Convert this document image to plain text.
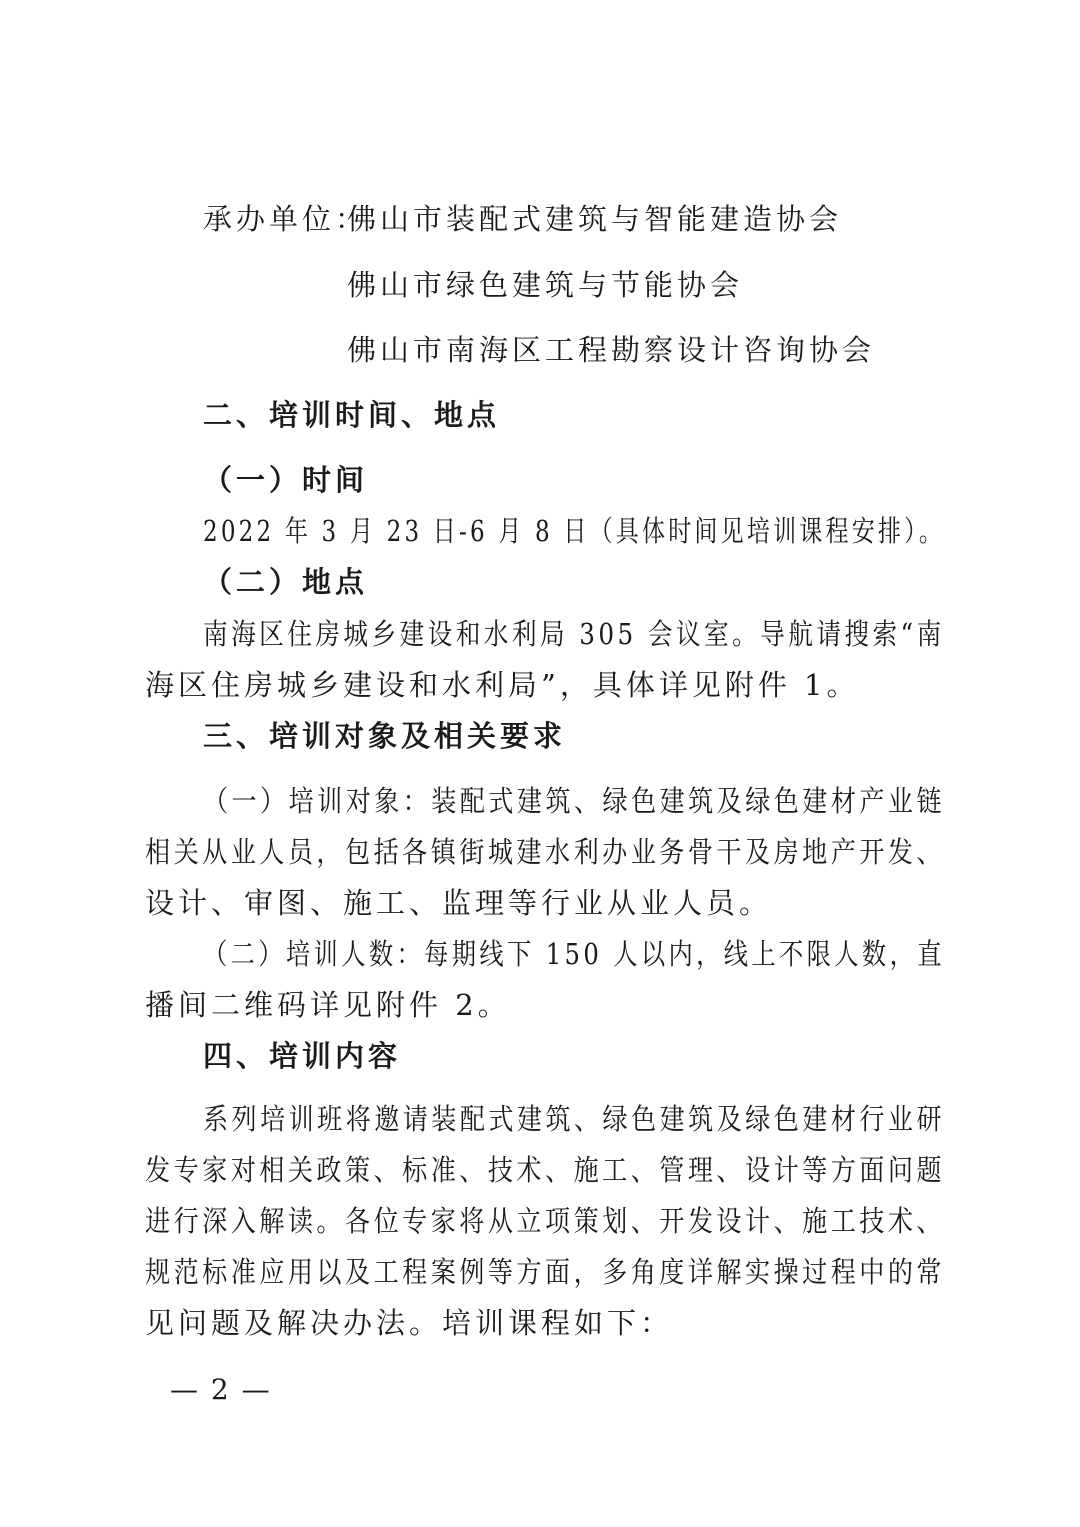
承办单位：
佛山市装配式建筑与智能建造协会
佛山市绿色建筑与节能协会
佛山市南海区工程勘察设计咨询协会
二、培训时间、地点
（一）时间
2022 年 3 月 23 日-6 月 8 日（具体时间见培训课程安排）。
（二）地点
南海区住房城乡建设和水利局 305 会议室。导航请搜索“南
海区住房城乡建设和水利局”，具体详见附件 1。
三、培训对象及相关要求
（一）培训对象：装配式建筑、绿色建筑及绿色建材产业链
相关从业人员，包括各镇街城建水利办业务骨干及房地产开发、
设计、审图、施工、监理等行业从业人员。
（二）培训人数：每期线下 150 人以内，线上不限人数，直
播间二维码详见附件 2。
四、培训内容
系列培训班将邀请装配式建筑、绿色建筑及绿色建材行业研
发专家对相关政策、标准、技术、施工、管理、设计等方面问题
进行深入解读。各位专家将从立项策划、开发设计、施工技术、
规范标准应用以及工程案例等方面，多角度详解实操过程中的常
见问题及解决办法。培训课程如下：
— 2 —
